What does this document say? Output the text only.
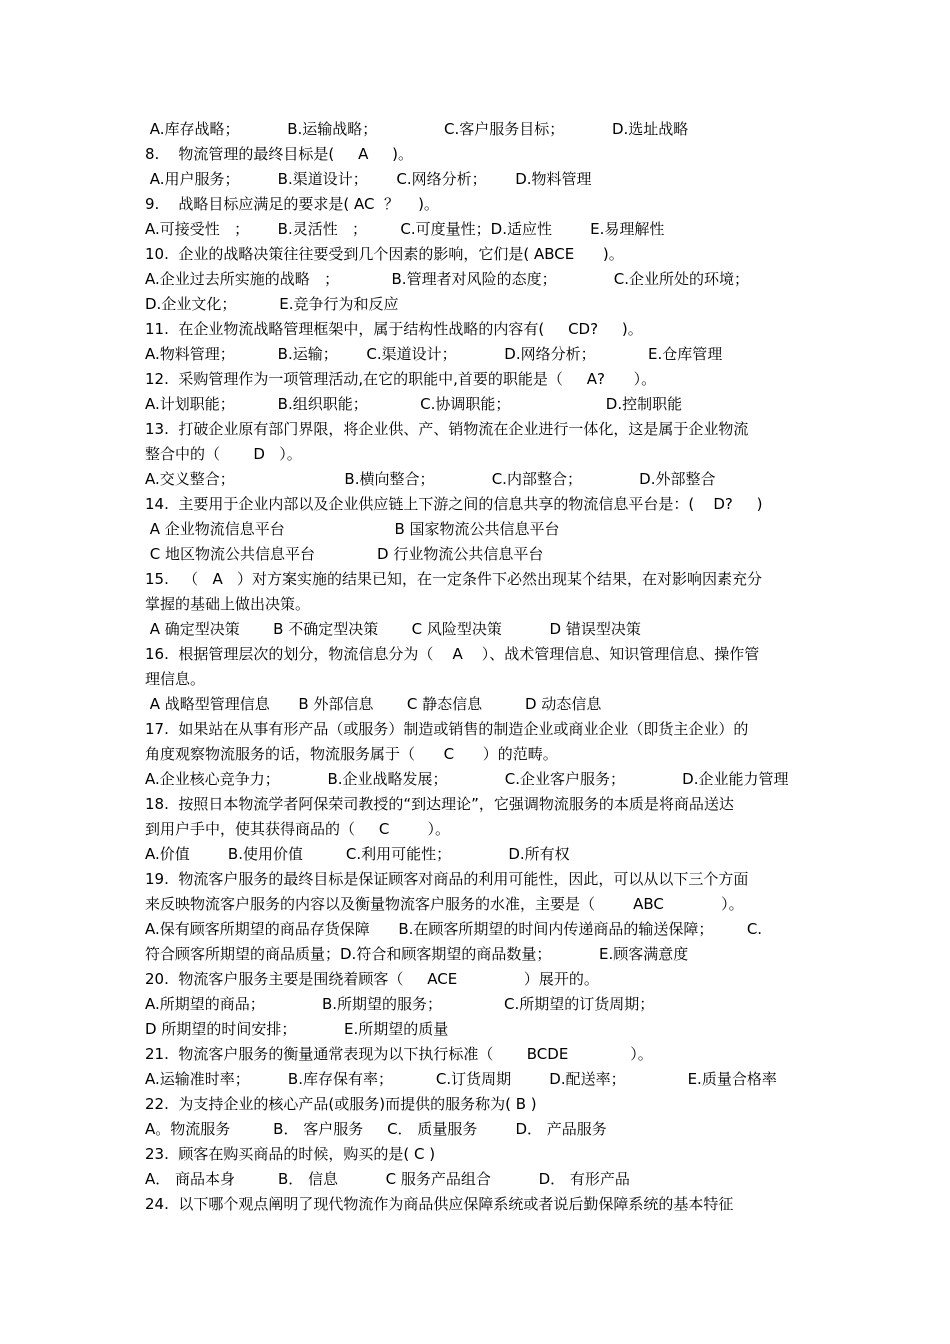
A.库存战略；          B.运输战略；              C.客户服务目标；          D.选址战略
8.    物流管理的最终目标是(     A     )。
A.用户服务；        B.渠道设计；      C.网络分析；      D.物料管理
9.    战略目标应满足的要求是( AC  ？    )。
A.可接受性   ；      B.灵活性   ；       C.可度量性；D.适应性        E.易理解性
10.  企业的战略决策往往要受到几个因素的影响，它们是( ABCE      )。
A.企业过去所实施的战略   ；           B.管理者对风险的态度；            C.企业所处的环境；
D.企业文化；         E.竞争行为和反应
11.  在企业物流战略管理框架中，属于结构性战略的内容有(     CD?     )。
A.物料管理；         B.运输；      C.渠道设计；          D.网络分析；           E.仓库管理
12.  采购管理作为一项管理活动,在它的职能中,首要的职能是（     A?      ）。
A.计划职能；         B.组织职能；           C.协调职能；                    D.控制职能
13.  打破企业原有部门界限，将企业供、产、销物流在企业进行一体化，这是属于企业物流
整合中的（       D   ）。
A.交义整合；                       B.横向整合；            C.内部整合；            D.外部整合
14.  主要用于企业内部以及企业供应链上下游之间的信息共享的物流信息平台是：(    D?     )
A 企业物流信息平台                       B 国家物流公共信息平台
C 地区物流公共信息平台             D 行业物流公共信息平台
15.   （   A   ）对方案实施的结果已知，在一定条件下必然出现某个结果，在对影响因素充分
掌握的基础上做出决策。
A 确定型决策       B 不确定型决策       C 风险型决策          D 错误型决策
16.  根据管理层次的划分，物流信息分为（    A    ）、战术管理信息、知识管理信息、操作管
理信息。
A 战略型管理信息      B 外部信息       C 静态信息         D 动态信息
17.  如果站在从事有形产品（或服务）制造或销售的制造企业或商业企业（即货主企业）的
角度观察物流服务的话，物流服务属于（      C      ）的范畴。
A.企业核心竞争力；          B.企业战略发展；            C.企业客户服务；            D.企业能力管理
18.  按照日本物流学者阿保荣司教授的“到达理论”，它强调物流服务的本质是将商品送达
到用户手中，使其获得商品的（     C        ）。
A.价值        B.使用价值         C.利用可能性；            D.所有权
19.  物流客户服务的最终目标是保证顾客对商品的利用可能性，因此，可以从以下三个方面
来反映物流客户服务的内容以及衡量物流客户服务的水准，主要是（        ABC            ）。
A.保有顾客所期望的商品存货保障      B.在顾客所期望的时间内传递商品的输送保障；       C.
符合顾客所期望的商品质量；D.符合和顾客期望的商品数量；          E.顾客满意度
20.  物流客户服务主要是围绕着顾客（     ACE              ）展开的。
A.所期望的商品；            B.所期望的服务；             C.所期望的订货周期；
D 所期望的时间安排；          E.所期望的质量
21.  物流客户服务的衡量通常表现为以下执行标准（       BCDE             ）。
A.运输准时率；        B.库存保有率；         C.订货周期        D.配送率；             E.质量合格率
22.  为支持企业的核心产品(或服务)而提供的服务称为( B )
A。物流服务         B． 客户服务     C． 质量服务        D． 产品服务
23.  顾客在购买商品的时候，购买的是( C )
A． 商品本身         B． 信息          C 服务产品组合          D． 有形产品
24.  以下哪个观点阐明了现代物流作为商品供应保障系统或者说后勤保障系统的基本特征
